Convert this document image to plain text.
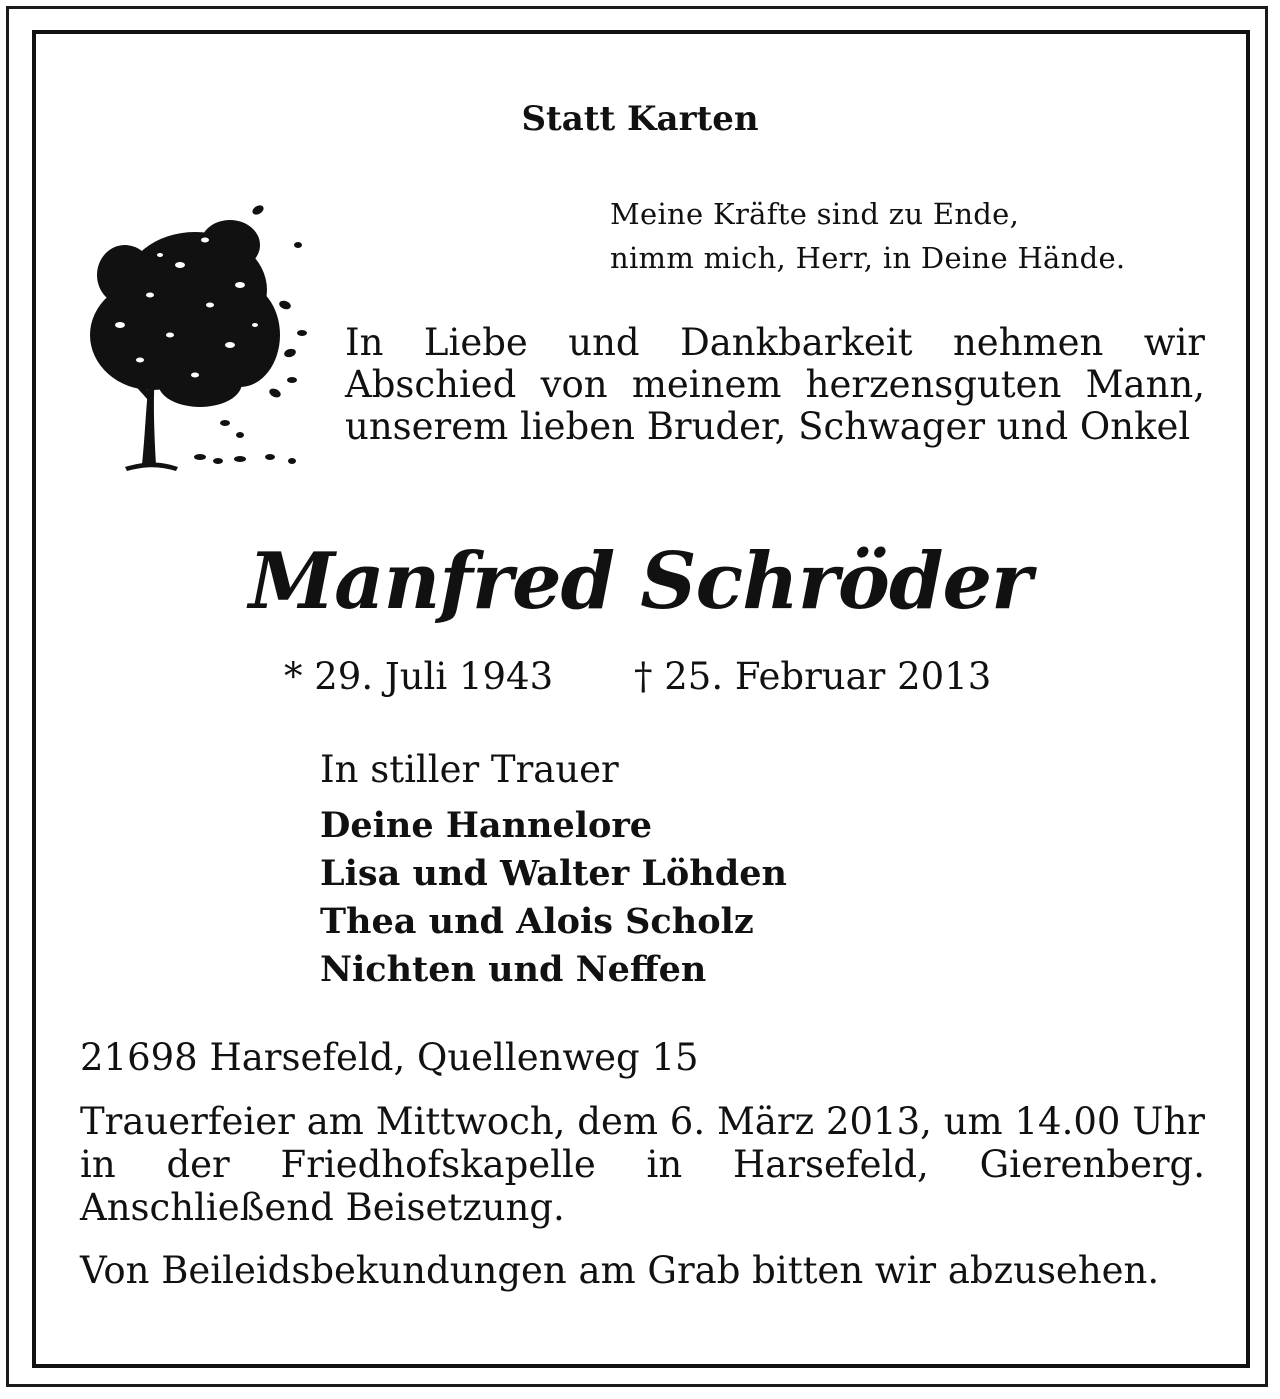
Statt Karten
Meine Kräfte sind zu Ende,
nimm mich, Herr, in Deine Hände.

In Liebe und Dankbarkeit nehmen wir Abschied von meinem herzensguten Mann, unserem lieben Bruder, Schwager und Onkel

Manfred Schröder
* 29. Juli 1943 † 25. Februar 2013
In stiller Trauer
Deine Hannelore
Lisa und Walter Löhden
Thea und Alois Scholz
Nichten und Neffen
21698 Harsefeld, Quellenweg 15

Trauerfeier am Mittwoch, dem 6. März 2013, um 14.00 Uhr in der Friedhofskapelle in Harsefeld, Gierenberg. Anschließend Beisetzung.

Von Beileidsbekundungen am Grab bitten wir abzusehen.
